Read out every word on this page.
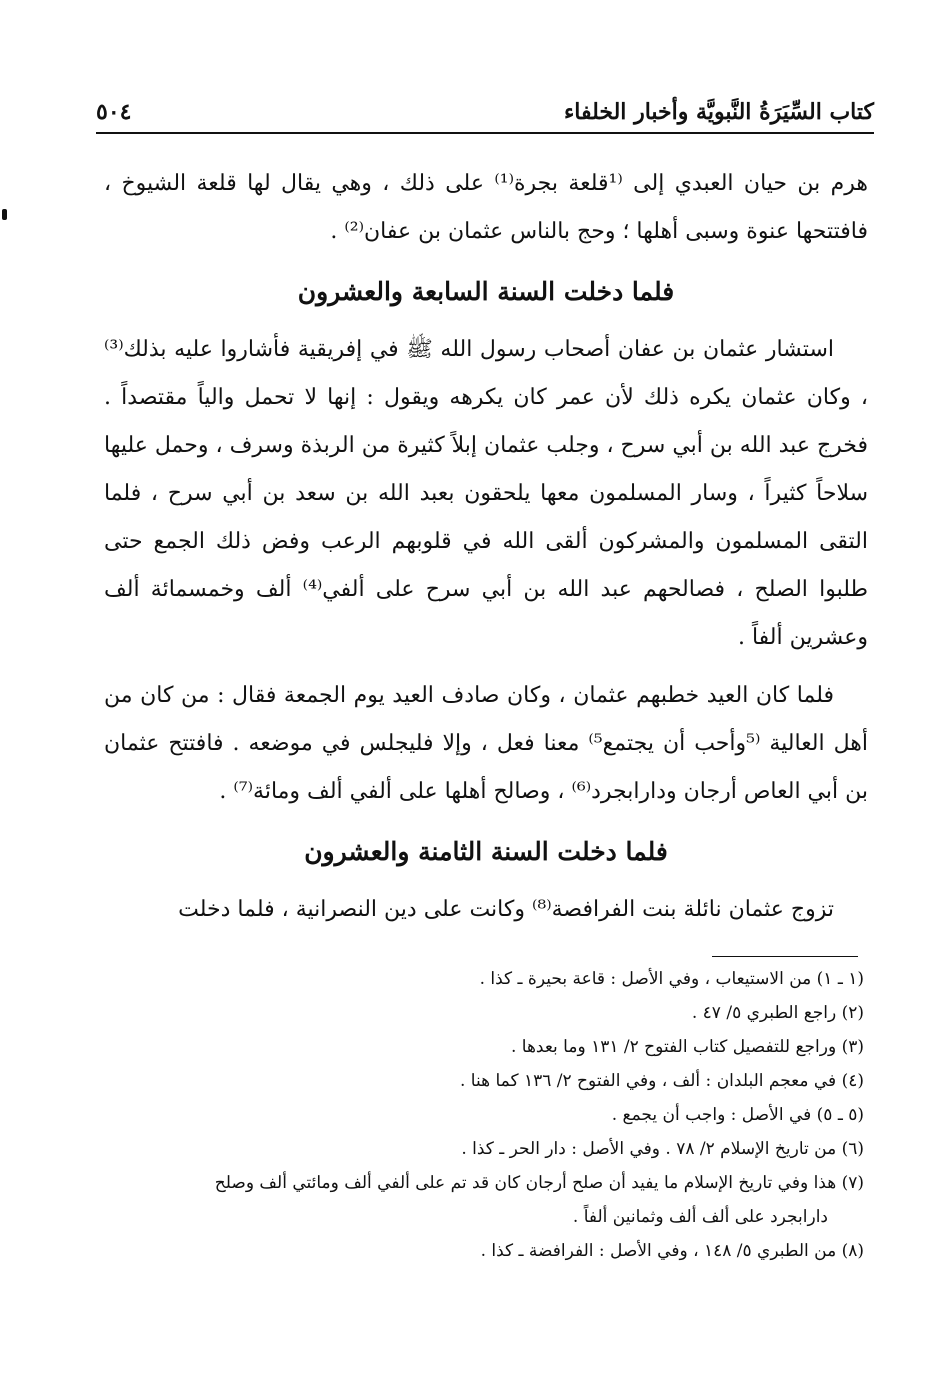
كتاب السِّيَرَةُ النَّبويَّة وأخبار الخلفاء
٥٠٤

هرم بن حيان العبدي إلى ⁽¹قلعة بجرة⁽¹⁾ على ذلك ، وهي يقال لها قلعة الشيوخ ، فافتتحها عنوة وسبى أهلها ؛ وحج بالناس عثمان بن عفان⁽²⁾ .

فلما دخلت السنة السابعة والعشرون

استشار عثمان بن عفان أصحاب رسول الله ﷺ في إفريقية فأشاروا عليه بذلك⁽³⁾ ، وكان عثمان يكره ذلك لأن عمر كان يكرهه ويقول : إنها لا تحمل والياً مقتصداً . فخرج عبد الله بن أبي سرح ، وجلب عثمان إبلاً كثيرة من الربذة وسرف ، وحمل عليها سلاحاً كثيراً ، وسار المسلمون معها يلحقون بعبد الله بن سعد بن أبي سرح ، فلما التقى المسلمون والمشركون ألقى الله في قلوبهم الرعب وفض ذلك الجمع حتى طلبوا الصلح ، فصالحهم عبد الله بن أبي سرح على ألفي⁽⁴⁾ ألف وخمسمائة ألف وعشرين ألفاً .

فلما كان العيد خطبهم عثمان ، وكان صادف العيد يوم الجمعة فقال : من كان من أهل العالية ⁽⁵وأحب أن يجتمع⁵⁾ معنا فعل ، وإلا فليجلس في موضعه . فافتتح عثمان بن أبي العاص أرجان ودارابجرد⁽⁶⁾ ، وصالح أهلها على ألفي ألف ومائة⁽⁷⁾ .

فلما دخلت السنة الثامنة والعشرون

تزوج عثمان نائلة بنت الفرافصة⁽⁸⁾ وكانت على دين النصرانية ، فلما دخلت

(١ ـ ١) من الاستيعاب ، وفي الأصل : قاعة بحيرة ـ كذا .

(٢) راجع الطبري ٥/ ٤٧ .

(٣) وراجع للتفصيل كتاب الفتوح ٢/ ١٣١ وما بعدها .

(٤) في معجم البلدان : ألف ، وفي الفتوح ٢/ ١٣٦ كما هنا .

(٥ ـ ٥) في الأصل : واجب أن يجمع .

(٦) من تاريخ الإسلام ٢/ ٧٨ . وفي الأصل : دار الحر ـ كذا .

(٧) هذا وفي تاريخ الإسلام ما يفيد أن صلح أرجان كان قد تم على ألفي ألف ومائتي ألف وصلح

دارابجرد على ألف ألف وثمانين ألفاً .

(٨) من الطبري ٥/ ١٤٨ ، وفي الأصل : الفرافضة ـ كذا .
